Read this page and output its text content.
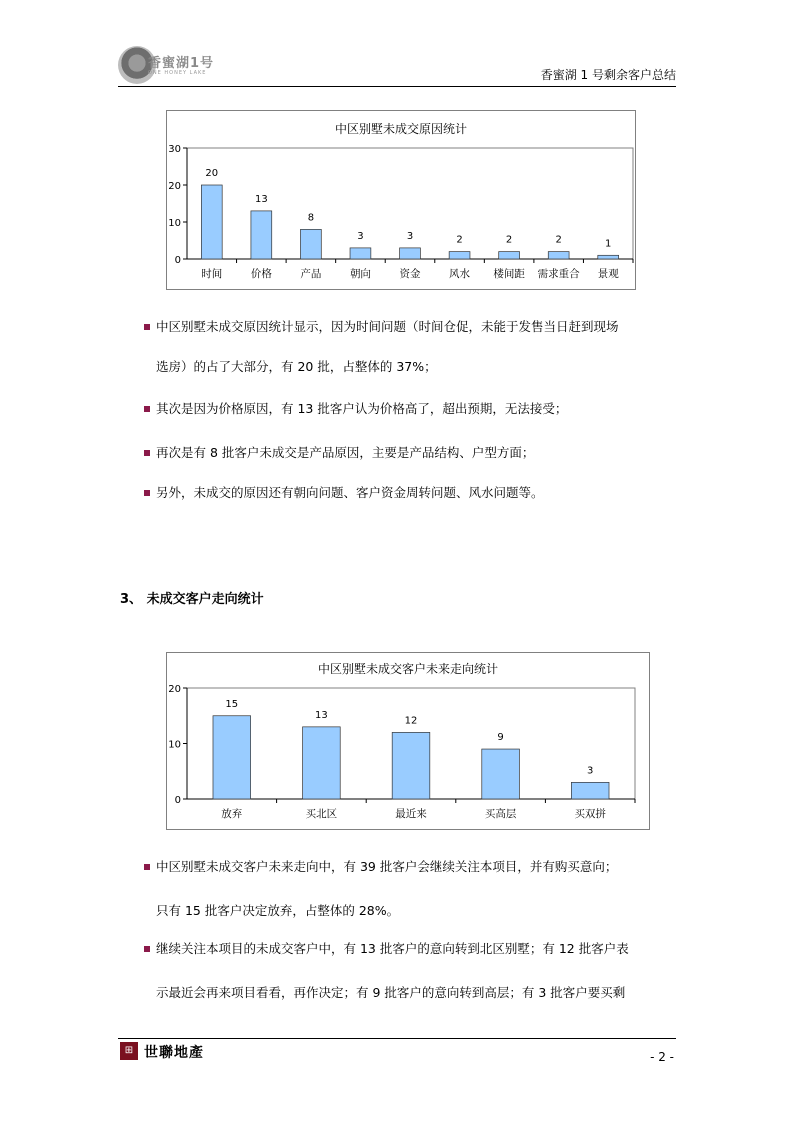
香蜜湖1号
ONE HONEY LAKE	香蜜湖 1 号剩余客户总结
中区别墅未成交原因统计
0
10
20
30
20
时间
13
价格
8
产品
3
朝向
3
资金
2
风水
2
楼间距
2
需求重合
1
景观
中区别墅未成交原因统计显示，因为时间问题（时间仓促，未能于发售当日赶到现场
选房）的占了大部分，有 20 批，占整体的 37%；
其次是因为价格原因，有 13 批客户认为价格高了，超出预期，无法接受；
再次是有 8 批客户未成交是产品原因，主要是产品结构、户型方面；
另外，未成交的原因还有朝向问题、客户资金周转问题、风水问题等。
3、 未成交客户走向统计
中区别墅未成交客户未来走向统计
0
10
20
15
放弃
13
买北区
12
最近来
9
买高层
3
买双拼
中区别墅未成交客户未来走向中，有 39 批客户会继续关注本项目，并有购买意向；
只有 15 批客户决定放弃，占整体的 28%。
继续关注本项目的未成交客户中，有 13 批客户的意向转到北区别墅；有 12 批客户表
示最近会再来项目看看，再作决定；有 9 批客户的意向转到高层；有 3 批客户要买剩
⊞ 世聯地產	- 2 -
